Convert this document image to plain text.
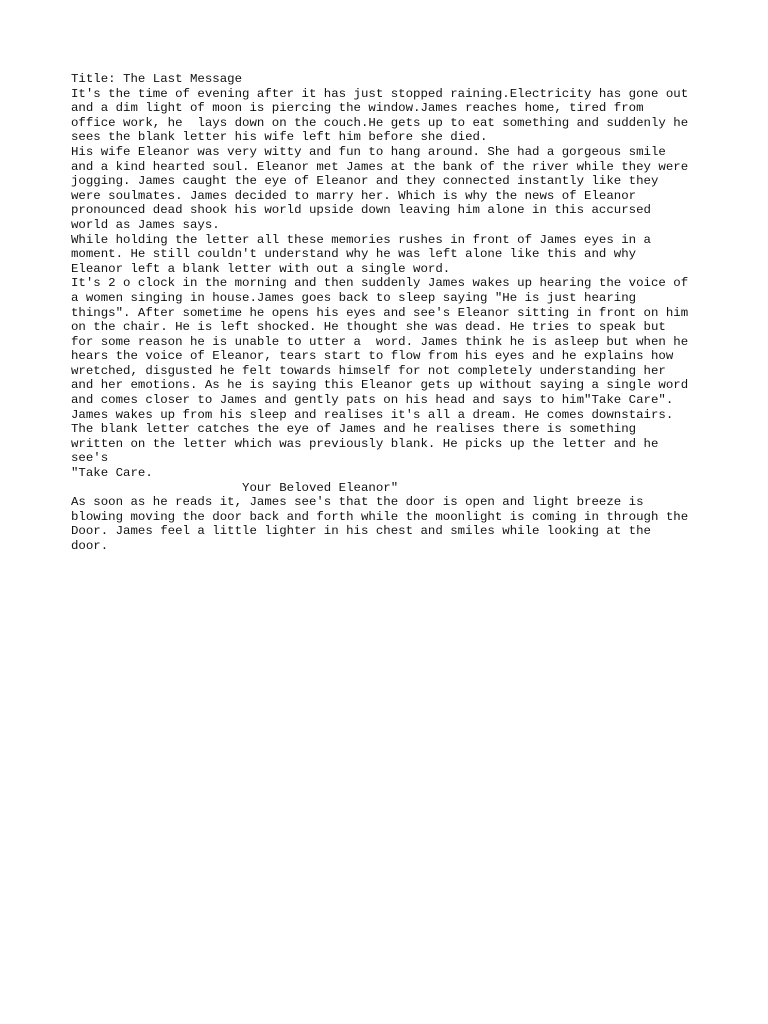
Title: The Last Message
It's the time of evening after it has just stopped raining.Electricity has gone out
and a dim light of moon is piercing the window.James reaches home, tired from
office work, he  lays down on the couch.He gets up to eat something and suddenly he
sees the blank letter his wife left him before she died.
His wife Eleanor was very witty and fun to hang around. She had a gorgeous smile
and a kind hearted soul. Eleanor met James at the bank of the river while they were
jogging. James caught the eye of Eleanor and they connected instantly like they
were soulmates. James decided to marry her. Which is why the news of Eleanor
pronounced dead shook his world upside down leaving him alone in this accursed
world as James says.
While holding the letter all these memories rushes in front of James eyes in a
moment. He still couldn't understand why he was left alone like this and why
Eleanor left a blank letter with out a single word.
It's 2 o clock in the morning and then suddenly James wakes up hearing the voice of
a women singing in house.James goes back to sleep saying "He is just hearing
things". After sometime he opens his eyes and see's Eleanor sitting in front on him
on the chair. He is left shocked. He thought she was dead. He tries to speak but
for some reason he is unable to utter a  word. James think he is asleep but when he
hears the voice of Eleanor, tears start to flow from his eyes and he explains how
wretched, disgusted he felt towards himself for not completely understanding her
and her emotions. As he is saying this Eleanor gets up without saying a single word
and comes closer to James and gently pats on his head and says to him"Take Care".
James wakes up from his sleep and realises it's all a dream. He comes downstairs.
The blank letter catches the eye of James and he realises there is something
written on the letter which was previously blank. He picks up the letter and he
see's
"Take Care.
Your Beloved Eleanor"
As soon as he reads it, James see's that the door is open and light breeze is
blowing moving the door back and forth while the moonlight is coming in through the
Door. James feel a little lighter in his chest and smiles while looking at the
door.
